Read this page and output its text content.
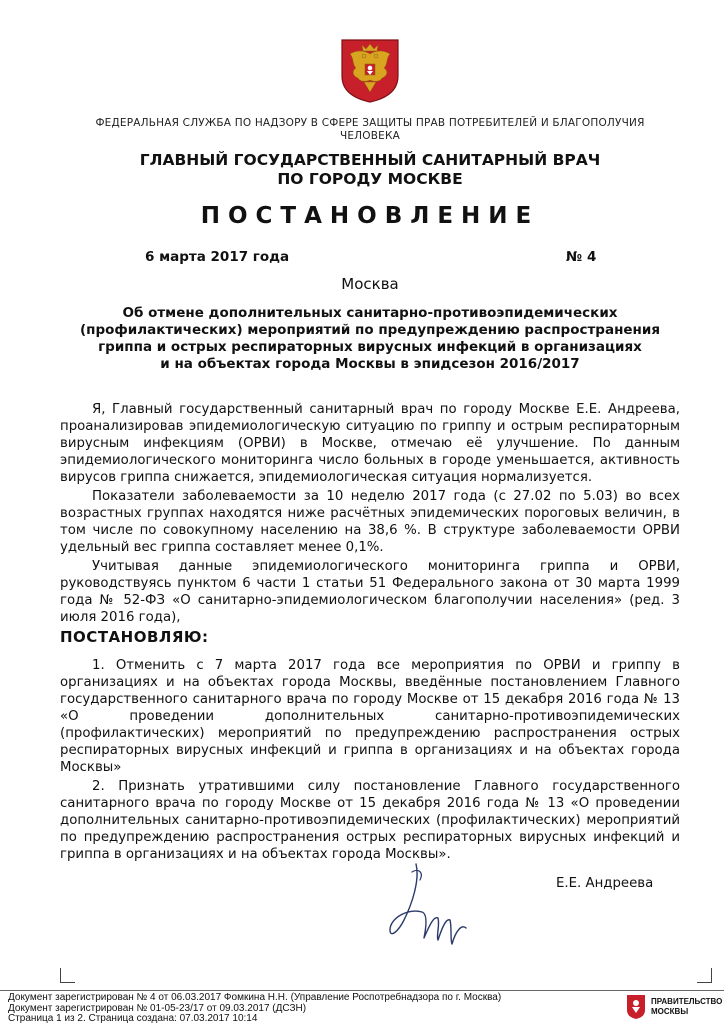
ФЕДЕРАЛЬНАЯ СЛУЖБА ПО НАДЗОРУ В СФЕРЕ ЗАЩИТЫ ПРАВ ПОТРЕБИТЕЛЕЙ И БЛАГОПОЛУЧИЯ ЧЕЛОВЕКА
ГЛАВНЫЙ ГОСУДАРСТВЕННЫЙ САНИТАРНЫЙ ВРАЧ
ПО ГОРОДУ МОСКВЕ
ПОСТАНОВЛЕНИЕ
6 марта 2017 года	№ 4
Москва
Об отмене дополнительных санитарно-противоэпидемических
(профилактических) мероприятий по предупреждению распространения
гриппа и острых респираторных вирусных инфекций в организациях
и на объектах города Москвы в эпидсезон 2016/2017

Я, Главный государственный санитарный врач по городу Москве Е.Е. Андреева, проанализировав эпидемиологическую ситуацию по гриппу и острым респираторным вирусным инфекциям (ОРВИ) в Москве, отмечаю её улучшение. По данным эпидемиологического мониторинга число больных в городе уменьшается, активность вирусов гриппа снижается, эпидемиологическая ситуация нормализуется.

Показатели заболеваемости за 10 неделю 2017 года (с 27.02 по 5.03) во всех возрастных группах находятся ниже расчётных эпидемических пороговых величин, в том числе по совокупному населению на 38,6 %. В структуре заболеваемости ОРВИ удельный вес гриппа составляет менее 0,1%.

Учитывая данные эпидемиологического мониторинга гриппа и ОРВИ, руководствуясь пунктом 6 части 1 статьи 51 Федерального закона от 30 марта 1999 года № 52-ФЗ «О санитарно-эпидемиологическом благополучии населения» (ред. 3 июля 2016 года),

ПОСТАНОВЛЯЮ:

1. Отменить с 7 марта 2017 года все мероприятия по ОРВИ и гриппу в организациях и на объектах города Москвы, введённые постановлением Главного государственного санитарного врача по городу Москве от 15 декабря 2016 года № 13 «О проведении дополнительных санитарно-противоэпидемических (профилактических) мероприятий по предупреждению распространения острых респираторных вирусных инфекций и гриппа в организациях и на объектах города Москвы»

2. Признать утратившими силу постановление Главного государственного санитарного врача по городу Москве от 15 декабря 2016 года № 13 «О проведении дополнительных санитарно-противоэпидемических (профилактических) мероприятий по предупреждению распространения острых респираторных вирусных инфекций и гриппа в организациях и на объектах города Москвы».

Е.Е. Андреева
Документ зарегистрирован № 4 от 06.03.2017 Фомкина Н.Н. (Управление Роспотребнадзора по г. Москва)
Документ зарегистрирован № 01-05-23/17 от 09.03.2017 (ДСЗН)
Страница 1 из 2. Страница создана: 07.03.2017 10:14
ПРАВИТЕЛЬСТВО
МОСКВЫ
